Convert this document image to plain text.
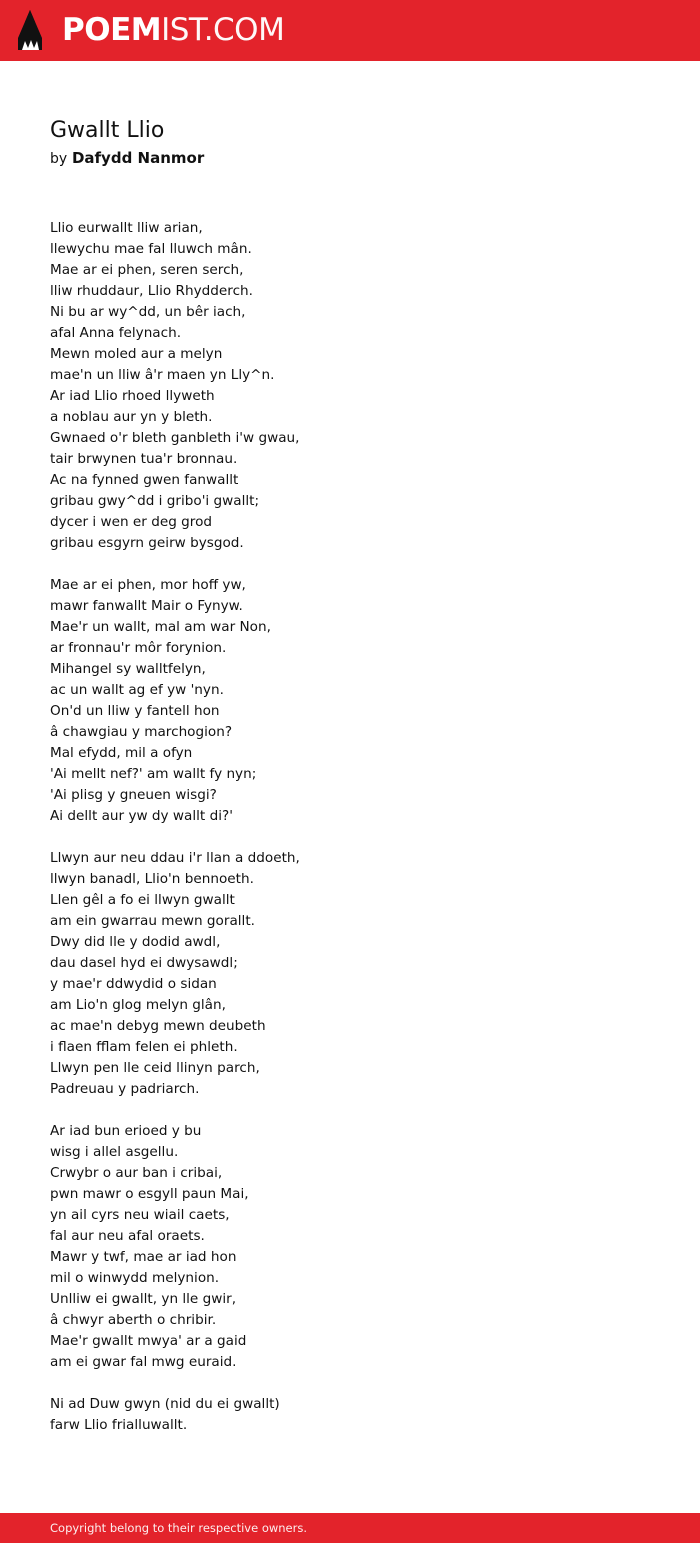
POEMIST.COM
Gwallt Llio
by Dafydd Nanmor
Llio eurwallt lliw arian,
llewychu mae fal lluwch mân.
Mae ar ei phen, seren serch,
lliw rhuddaur, Llio Rhydderch.
Ni bu ar wy^dd, un bêr iach,
afal Anna felynach.
Mewn moled aur a melyn
mae'n un lliw â'r maen yn Lly^n.
Ar iad Llio rhoed llyweth
a noblau aur yn y bleth.
Gwnaed o'r bleth ganbleth i'w gwau,
tair brwynen tua'r bronnau.
Ac na fynned gwen fanwallt
gribau gwy^dd i gribo'i gwallt;
dycer i wen er deg grod
gribau esgyrn geirw bysgod.
Mae ar ei phen, mor hoff yw,
mawr fanwallt Mair o Fynyw.
Mae'r un wallt, mal am war Non,
ar fronnau'r môr forynion.
Mihangel sy walltfelyn,
ac un wallt ag ef yw 'nyn.
On'd un lliw y fantell hon
â chawgiau y marchogion?
Mal efydd, mil a ofyn
'Ai mellt nef?' am wallt fy nyn;
'Ai plisg y gneuen wisgi?
Ai dellt aur yw dy wallt di?'
Llwyn aur neu ddau i'r llan a ddoeth,
llwyn banadl, Llio'n bennoeth.
Llen gêl a fo ei llwyn gwallt
am ein gwarrau mewn gorallt.
Dwy did lle y dodid awdl,
dau dasel hyd ei dwysawdl;
y mae'r ddwydid o sidan
am Lio'n glog melyn glân,
ac mae'n debyg mewn deubeth
i flaen fflam felen ei phleth.
Llwyn pen lle ceid llinyn parch,
Padreuau y padriarch.
Ar iad bun erioed y bu
wisg i allel asgellu.
Crwybr o aur ban i cribai,
pwn mawr o esgyll paun Mai,
yn ail cyrs neu wiail caets,
fal aur neu afal oraets.
Mawr y twf, mae ar iad hon
mil o winwydd melynion.
Unlliw ei gwallt, yn lle gwir,
â chwyr aberth o chribir.
Mae'r gwallt mwya' ar a gaid
am ei gwar fal mwg euraid.
Ni ad Duw gwyn (nid du ei gwallt)
farw Llio frialluwallt.
Copyright belong to their respective owners.
